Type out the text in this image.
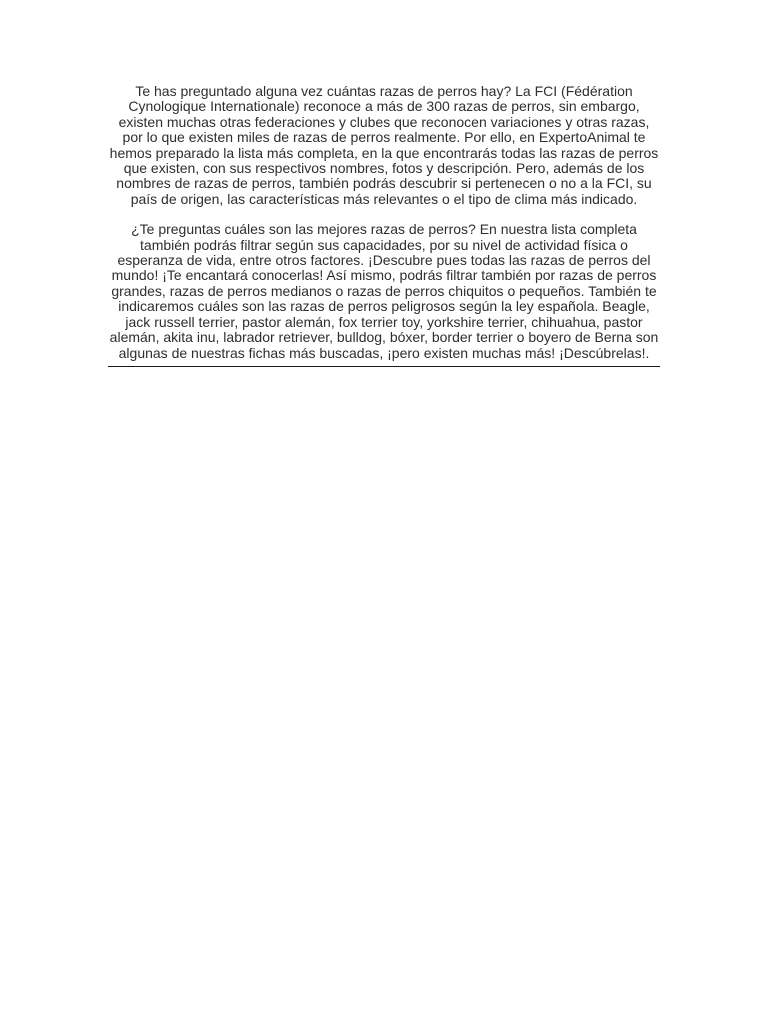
Te has preguntado alguna vez cuántas razas de perros hay? La FCI (Fédération Cynologique Internationale) reconoce a más de 300 razas de perros, sin embargo, existen muchas otras federaciones y clubes que reconocen variaciones y otras razas, por lo que existen miles de razas de perros realmente. Por ello, en ExpertoAnimal te hemos preparado la lista más completa, en la que encontrarás todas las razas de perros que existen, con sus respectivos nombres, fotos y descripción. Pero, además de los nombres de razas de perros, también podrás descubrir si pertenecen o no a la FCI, su país de origen, las características más relevantes o el tipo de clima más indicado.

¿Te preguntas cuáles son las mejores razas de perros? En nuestra lista completa también podrás filtrar según sus capacidades, por su nivel de actividad física o esperanza de vida, entre otros factores. ¡Descubre pues todas las razas de perros del mundo! ¡Te encantará conocerlas! Así mismo, podrás filtrar también por razas de perros grandes, razas de perros medianos o razas de perros chiquitos o pequeños. También te indicaremos cuáles son las razas de perros peligrosos según la ley española. Beagle, jack russell terrier, pastor alemán, fox terrier toy, yorkshire terrier, chihuahua, pastor alemán, akita inu, labrador retriever, bulldog, bóxer, border terrier o boyero de Berna son algunas de nuestras fichas más buscadas, ¡pero existen muchas más! ¡Descúbrelas!.
